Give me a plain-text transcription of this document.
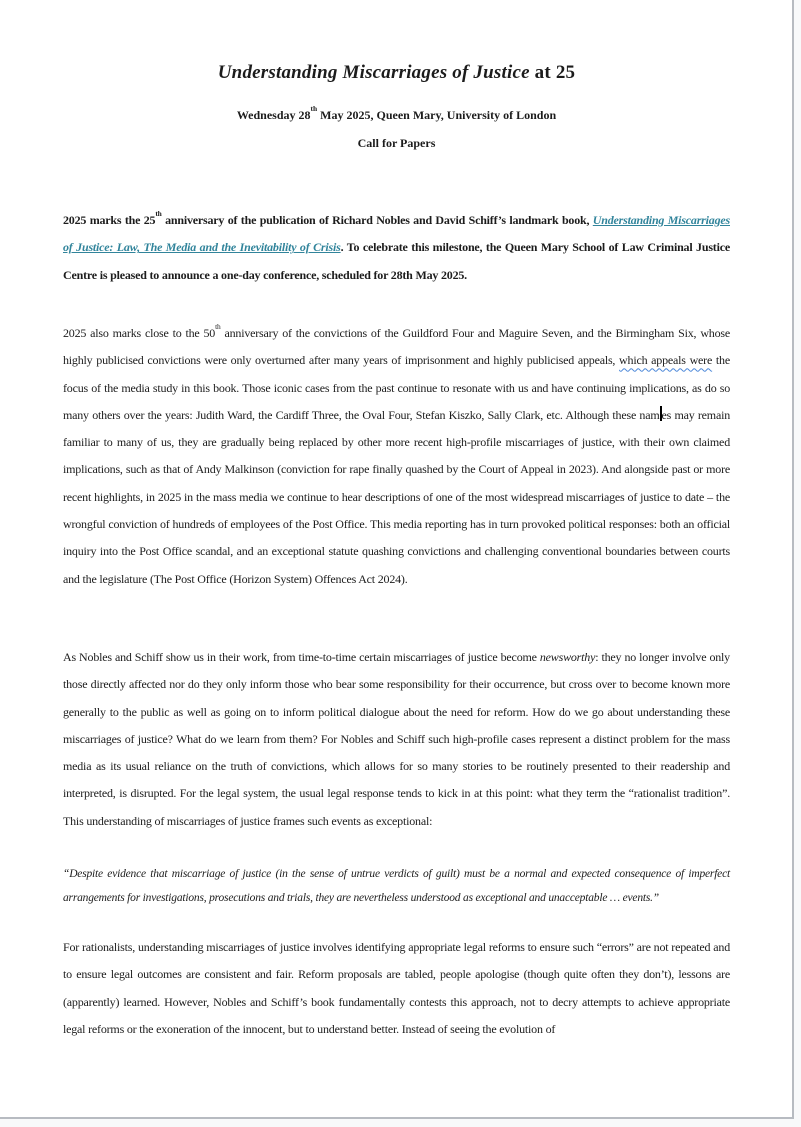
Understanding Miscarriages of Justice at 25
Wednesday 28th May 2025, Queen Mary, University of London
Call for Papers

2025 marks the 25th anniversary of the publication of Richard Nobles and David Schiff’s landmark book, Understanding Miscarriages of Justice: Law, The Media and the Inevitability of Crisis. To celebrate this milestone, the Queen Mary School of Law Criminal Justice Centre is pleased to announce a one-day conference, scheduled for 28th May 2025.

2025 also marks close to the 50th anniversary of the convictions of the Guildford Four and Maguire Seven, and the Birmingham Six, whose highly publicised convictions were only overturned after many years of imprisonment and highly publicised appeals, which appeals were the focus of the media study in this book. Those iconic cases from the past continue to resonate with us and have continuing implications, as do so many others over the years: Judith Ward, the Cardiff Three, the Oval Four, Stefan Kiszko, Sally Clark, etc. Although these nam es may remain familiar to many of us, they are gradually being replaced by other more recent high-profile miscarriages of justice, with their own claimed implications, such as that of Andy Malkinson (conviction for rape finally quashed by the Court of Appeal in 2023). And alongside past or more recent highlights, in 2025 in the mass media we continue to hear descriptions of one of the most widespread miscarriages of justice to date – the wrongful conviction of hundreds of employees of the Post Office. This media reporting has in turn provoked political responses: both an official inquiry into the Post Office scandal, and an exceptional statute quashing convictions and challenging conventional boundaries between courts and the legislature (The Post Office (Horizon System) Offences Act 2024).

As Nobles and Schiff show us in their work, from time-to-time certain miscarriages of justice become newsworthy: they no longer involve only those directly affected nor do they only inform those who bear some responsibility for their occurrence, but cross over to become known more generally to the public as well as going on to inform political dialogue about the need for reform. How do we go about understanding these miscarriages of justice? What do we learn from them? For Nobles and Schiff such high-profile cases represent a distinct problem for the mass media as its usual reliance on the truth of convictions, which allows for so many stories to be routinely presented to their readership and interpreted, is disrupted. For the legal system, the usual legal response tends to kick in at this point: what they term the “rationalist tradition”. This understanding of miscarriages of justice frames such events as exceptional:

“Despite evidence that miscarriage of justice (in the sense of untrue verdicts of guilt) must be a normal and expected consequence of imperfect arrangements for investigations, prosecutions and trials, they are nevertheless understood as exceptional and unacceptable … events.”

For rationalists, understanding miscarriages of justice involves identifying appropriate legal reforms to ensure such “errors” are not repeated and to ensure legal outcomes are consistent and fair. Reform proposals are tabled, people apologise (though quite often they don’t), lessons are (apparently) learned. However, Nobles and Schiff’s book fundamentally contests this approach, not to decry attempts to achieve appropriate legal reforms or the exoneration of the innocent, but to understand better. Instead of seeing the evolution of
